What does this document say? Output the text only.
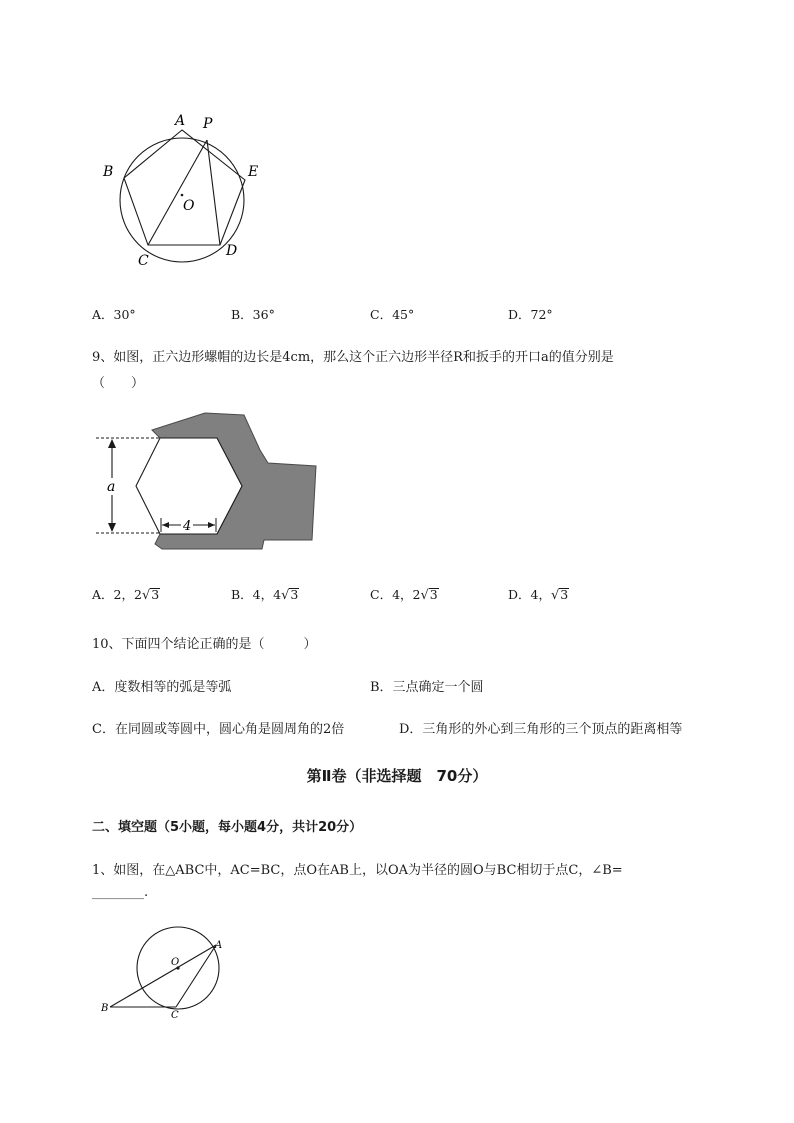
A P
B	E
O
C
D
A．30°	B．36°	C．45°	D．72°
9、如图，正六边形螺帽的边长是4cm，那么这个正六边形半径R和扳手的开口a的值分别是
（　　）
a
4
A．2，2√3	B．4，4√3	C．4，2√3	D．4，√3
10、下面四个结论正确的是（　　　）
A．度数相等的弧是等弧	B．三点确定一个圆
C．在同圆或等圆中，圆心角是圆周角的2倍	D．三角形的外心到三角形的三个顶点的距离相等
第Ⅱ卷（非选择题　70分）
二、填空题（5小题，每小题4分，共计20分）
1、如图，在△ABC中，AC=BC，点O在AB上，以OA为半径的圆O与BC相切于点C，∠B=
________.
O
A
B
C
